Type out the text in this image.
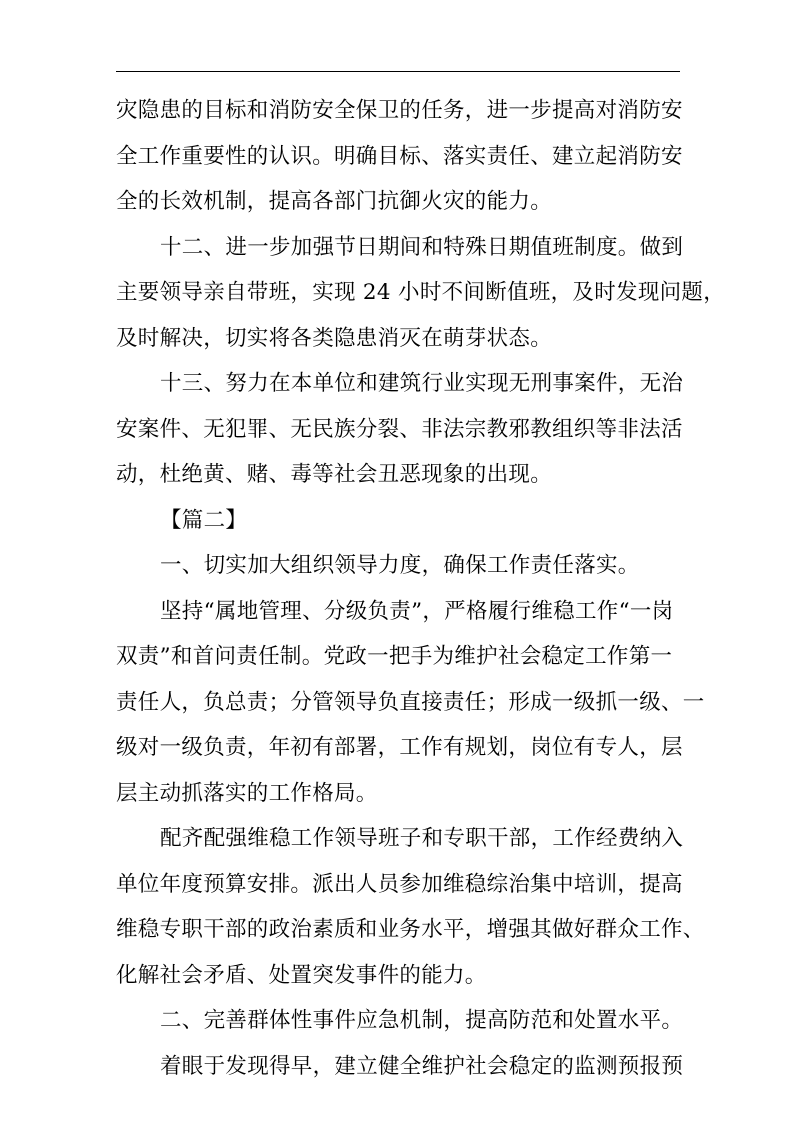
灾隐患的目标和消防安全保卫的任务，进一步提高对消防安
全工作重要性的认识。明确目标、落实责任、建立起消防安
全的长效机制，提高各部门抗御火灾的能力。
十二、进一步加强节日期间和特殊日期值班制度。做到
主要领导亲自带班，实现 24 小时不间断值班，及时发现问题，
及时解决，切实将各类隐患消灭在萌芽状态。
十三、努力在本单位和建筑行业实现无刑事案件，无治
安案件、无犯罪、无民族分裂、非法宗教邪教组织等非法活
动，杜绝黄、赌、毒等社会丑恶现象的出现。
【篇二】
一、切实加大组织领导力度，确保工作责任落实。
坚持“属地管理、分级负责”，严格履行维稳工作“一岗
双责”和首问责任制。党政一把手为维护社会稳定工作第一
责任人，负总责；分管领导负直接责任；形成一级抓一级、一
级对一级负责，年初有部署，工作有规划，岗位有专人，层
层主动抓落实的工作格局。
配齐配强维稳工作领导班子和专职干部，工作经费纳入
单位年度预算安排。派出人员参加维稳综治集中培训，提高
维稳专职干部的政治素质和业务水平，增强其做好群众工作、
化解社会矛盾、处置突发事件的能力。
二、完善群体性事件应急机制，提高防范和处置水平。
着眼于发现得早，建立健全维护社会稳定的监测预报预
